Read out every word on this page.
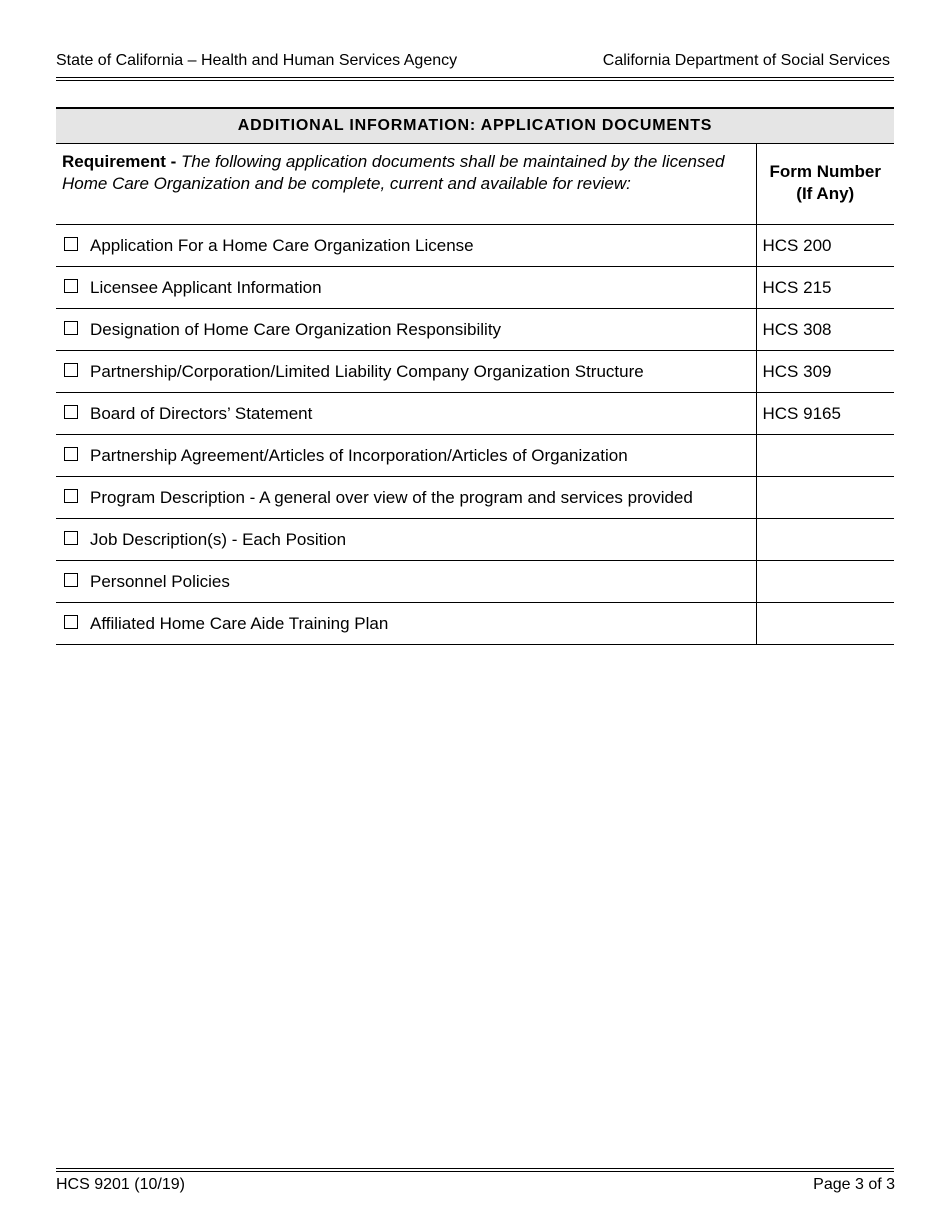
State of California – Health and Human Services Agency	California Department of Social Services
ADDITIONAL INFORMATION: APPLICATION DOCUMENTS	

Requirement - The following application documents shall be maintained by the licensed Home Care Organization and be complete, current and available for review:	Form Number
(If Any)

Application For a Home Care Organization License	HCS 200

Licensee Applicant Information	HCS 215

Designation of Home Care Organization Responsibility	HCS 308

Partnership/Corporation/Limited Liability Company Organization Structure	HCS 309

Board of Directors’ Statement	HCS 9165

Partnership Agreement/Articles of Incorporation/Articles of Organization	

Program Description - A general over view of the program and services provided	

Job Description(s) - Each Position	

Personnel Policies	

Affiliated Home Care Aide Training Plan	

HCS 9201 (10/19)	Page 3 of 3
